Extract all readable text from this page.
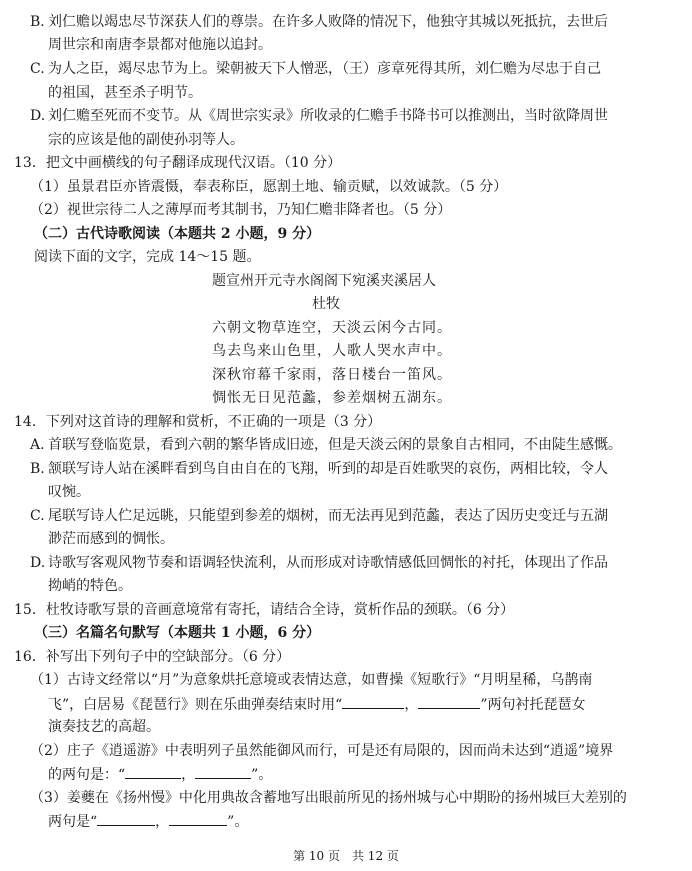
B. 刘仁赡以竭忠尽节深获人们的尊崇。在许多人败降的情况下，他独守其城以死抵抗，去世后
周世宗和南唐李景都对他施以追封。
C. 为人之臣，竭尽忠节为上。梁朝被天下人憎恶，（王）彦章死得其所，刘仁赡为尽忠于自己
的祖国，甚至杀子明节。
D. 刘仁赡至死而不变节。从《周世宗实录》所收录的仁赡手书降书可以推测出，当时欲降周世
宗的应该是他的副使孙羽等人。
13．把文中画横线的句子翻译成现代汉语。（10 分）
（1）虽景君臣亦皆震慑，奉表称臣，愿割土地、输贡赋，以效诚款。（5 分）
（2）视世宗待二人之薄厚而考其制书，乃知仁赡非降者也。（5 分）
（二）古代诗歌阅读（本题共 2 小题，9 分）
阅读下面的文字，完成 14～15 题。
题宣州开元寺水阁阁下宛溪夹溪居人
杜牧
六朝文物草连空，天淡云闲今古同。
鸟去鸟来山色里，人歌人哭水声中。
深秋帘幕千家雨，落日楼台一笛风。
惆怅无日见范蠡，参差烟树五湖东。
14．下列对这首诗的理解和赏析，不正确的一项是（3 分）
A. 首联写登临览景，看到六朝的繁华皆成旧迹，但是天淡云闲的景象自古相同，不由陡生感慨。
B. 颔联写诗人站在溪畔看到鸟自由自在的飞翔，听到的却是百姓歌哭的哀伤，两相比较，令人
叹惋。
C. 尾联写诗人伫足远眺，只能望到参差的烟树，而无法再见到范蠡，表达了因历史变迁与五湖
渺茫而感到的惆怅。
D. 诗歌写客观风物节奏和语调轻快流利，从而形成对诗歌情感低回惆怅的衬托，体现出了作品
拗峭的特色。
15．杜牧诗歌写景的音画意境常有寄托，请结合全诗，赏析作品的颈联。（6 分）
（三）名篇名句默写（本题共 1 小题，6 分）
16．补写出下列句子中的空缺部分。（6 分）
（1）古诗文经常以“月”为意象烘托意境或表情达意，如曹操《短歌行》“月明星稀，乌鹊南
飞”，白居易《琵琶行》则在乐曲弹奏结束时用“	，	”两句衬托琵琶女
演奏技艺的高超。
（2）庄子《逍遥游》中表明列子虽然能御风而行，可是还有局限的，因而尚未达到“逍遥”境界
的两句是：“	，	”。
（3）姜夔在《扬州慢》中化用典故含蓄地写出眼前所见的扬州城与心中期盼的扬州城巨大差别的
两句是“	，	”。
第 10 页　共 12 页
